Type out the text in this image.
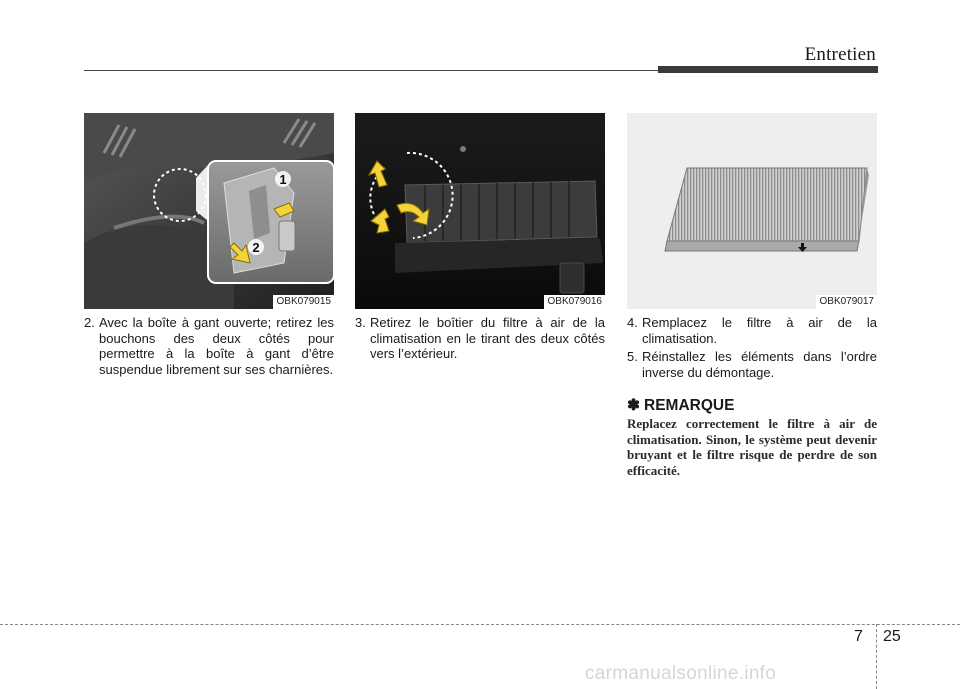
Entretien
1
2
OBK079015	OBK079016	OBK079017
2. Avec la boîte à gant ouverte; retirez les bouchons des deux côtés pour permettre à la boîte à gant d’être suspendue librement sur ses charnières.
3. Retirez le boîtier du filtre à air de la climatisation en le tirant des deux côtés vers l’extérieur.
4. Remplacez le filtre à air de la climatisation.
5. Réinstallez les éléments dans l’ordre inverse du démontage.
✽ REMARQUE
Replacez correctement le filtre à air de climatisation. Sinon, le système peut devenir bruyant et le filtre risque de perdre de son efficacité.
7 25
carmanualsonline.info
